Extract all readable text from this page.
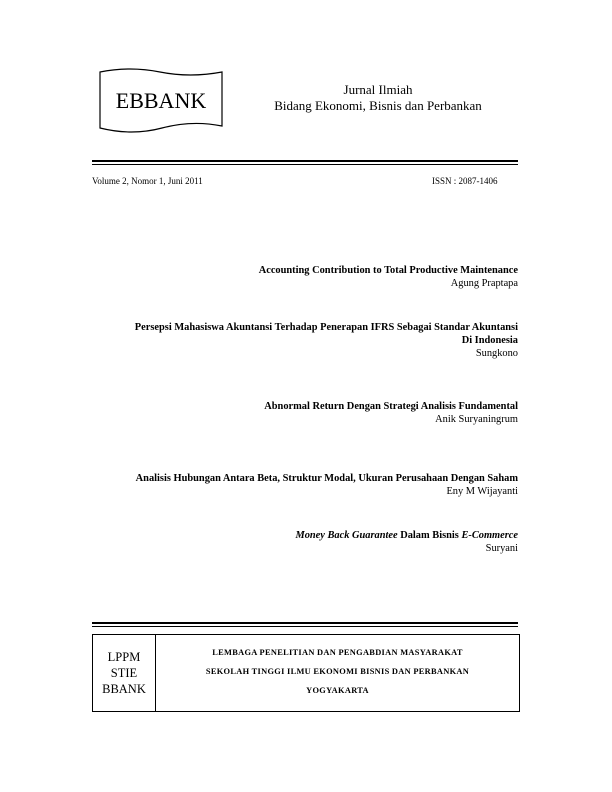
EBBANK	Jurnal Ilmiah
Bidang Ekonomi, Bisnis dan Perbankan
Volume 2, Nomor 1, Juni 2011	ISSN : 2087-1406
Accounting Contribution to Total Productive Maintenance
Agung Praptapa
Persepsi Mahasiswa Akuntansi Terhadap Penerapan IFRS Sebagai Standar Akuntansi
Di Indonesia
Sungkono
Abnormal Return Dengan Strategi Analisis Fundamental
Anik Suryaningrum
Analisis Hubungan Antara Beta, Struktur Modal, Ukuran Perusahaan Dengan Saham
Eny M Wijayanti
Money Back Guarantee Dalam Bisnis E-Commerce
Suryani
LPPM
STIE
BBANK
LEMBAGA PENELITIAN DAN PENGABDIAN MASYARAKAT
SEKOLAH TINGGI ILMU EKONOMI BISNIS DAN PERBANKAN
YOGYAKARTA
